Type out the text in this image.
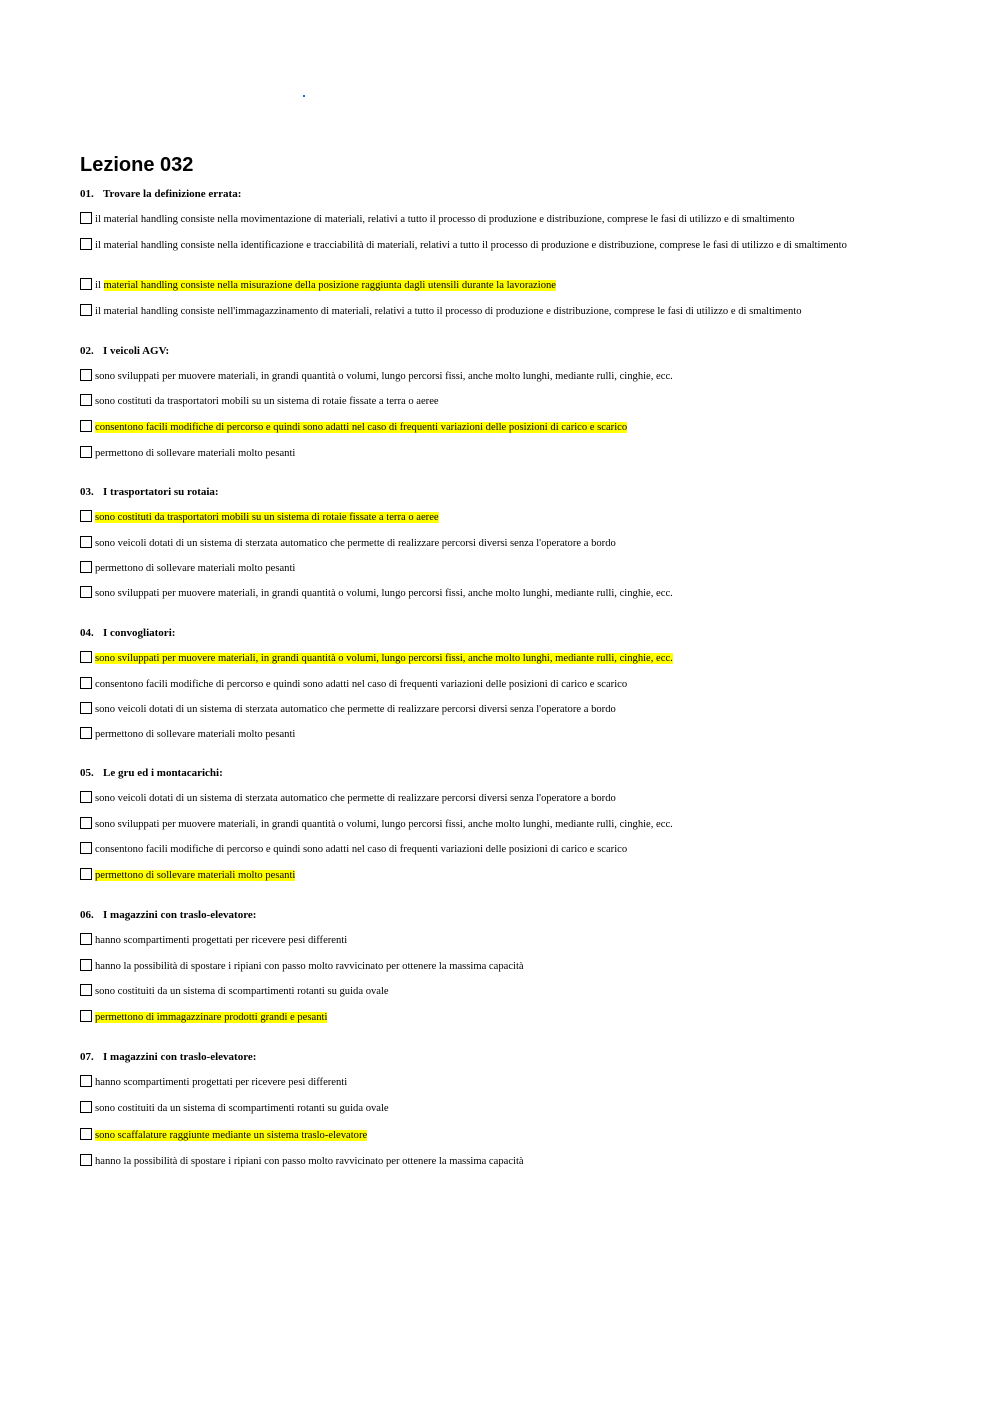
Lezione 032

01. Trovare la definizione errata:

il material handling consiste nella movimentazione di materiali, relativi a tutto il processo di produzione e distribuzione, comprese le fasi di utilizzo e di smaltimento

il material handling consiste nella identificazione e tracciabilità di materiali, relativi a tutto il processo di produzione e distribuzione, comprese le fasi di utilizzo e di smaltimento

il material handling consiste nella misurazione della posizione raggiunta dagli utensili durante la lavorazione

il material handling consiste nell'immagazzinamento di materiali, relativi a tutto il processo di produzione e distribuzione, comprese le fasi di utilizzo e di smaltimento

02. I veicoli AGV:

sono sviluppati per muovere materiali, in grandi quantità o volumi, lungo percorsi fissi, anche molto lunghi, mediante rulli, cinghie, ecc.

sono costituti da trasportatori mobili su un sistema di rotaie fissate a terra o aeree

consentono facili modifiche di percorso e quindi sono adatti nel caso di frequenti variazioni delle posizioni di carico e scarico

permettono di sollevare materiali molto pesanti

03. I trasportatori su rotaia:

sono costituti da trasportatori mobili su un sistema di rotaie fissate a terra o aeree

sono veicoli dotati di un sistema di sterzata automatico che permette di realizzare percorsi diversi senza l'operatore a bordo

permettono di sollevare materiali molto pesanti

sono sviluppati per muovere materiali, in grandi quantità o volumi, lungo percorsi fissi, anche molto lunghi, mediante rulli, cinghie, ecc.

04. I convogliatori:

sono sviluppati per muovere materiali, in grandi quantità o volumi, lungo percorsi fissi, anche molto lunghi, mediante rulli, cinghie, ecc.

consentono facili modifiche di percorso e quindi sono adatti nel caso di frequenti variazioni delle posizioni di carico e scarico

sono veicoli dotati di un sistema di sterzata automatico che permette di realizzare percorsi diversi senza l'operatore a bordo

permettono di sollevare materiali molto pesanti

05. Le gru ed i montacarichi:

sono veicoli dotati di un sistema di sterzata automatico che permette di realizzare percorsi diversi senza l'operatore a bordo

sono sviluppati per muovere materiali, in grandi quantità o volumi, lungo percorsi fissi, anche molto lunghi, mediante rulli, cinghie, ecc.

consentono facili modifiche di percorso e quindi sono adatti nel caso di frequenti variazioni delle posizioni di carico e scarico

permettono di sollevare materiali molto pesanti

06. I magazzini con traslo-elevatore:

hanno scompartimenti progettati per ricevere pesi differenti

hanno la possibilità di spostare i ripiani con passo molto ravvicinato per ottenere la massima capacità

sono costituiti da un sistema di scompartimenti rotanti su guida ovale

permettono di immagazzinare prodotti grandi e pesanti

07. I magazzini con traslo-elevatore:

hanno scompartimenti progettati per ricevere pesi differenti

sono costituiti da un sistema di scompartimenti rotanti su guida ovale

sono scaffalature raggiunte mediante un sistema traslo-elevatore

hanno la possibilità di spostare i ripiani con passo molto ravvicinato per ottenere la massima capacità
